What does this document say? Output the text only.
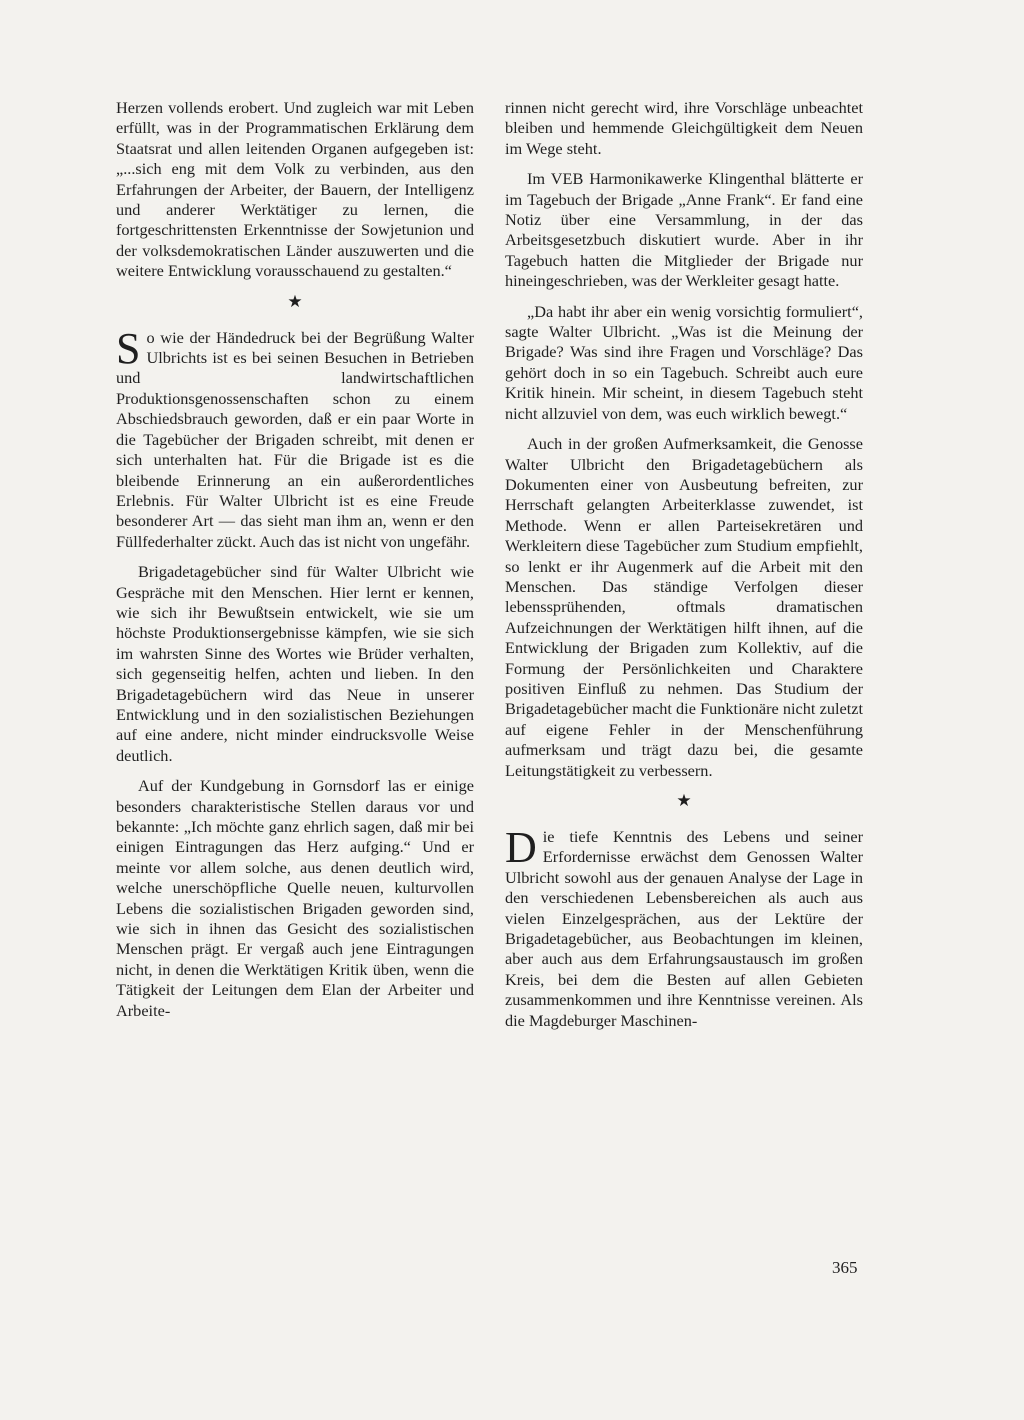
Herzen vollends erobert. Und zugleich war mit Leben erfüllt, was in der Programmatischen Erklärung dem Staatsrat und allen leitenden Organen aufgegeben ist: „...sich eng mit dem Volk zu verbinden, aus den Erfahrungen der Arbeiter, der Bauern, der Intelligenz und anderer Werktätiger zu lernen, die fortgeschrittensten Erkenntnisse der Sowjetunion und der volksdemokratischen Länder auszuwerten und die weitere Entwicklung vorausschauend zu gestalten.“

★

So wie der Händedruck bei der Begrüßung Walter Ulbrichts ist es bei seinen Besuchen in Betrieben und landwirtschaftlichen Produktionsgenossenschaften schon zu einem Abschiedsbrauch geworden, daß er ein paar Worte in die Tagebücher der Brigaden schreibt, mit denen er sich unterhalten hat. Für die Brigade ist es die bleibende Erinnerung an ein außerordentliches Erlebnis. Für Walter Ulbricht ist es eine Freude besonderer Art — das sieht man ihm an, wenn er den Füllfederhalter zückt. Auch das ist nicht von ungefähr.

Brigadetagebücher sind für Walter Ulbricht wie Gespräche mit den Menschen. Hier lernt er kennen, wie sich ihr Bewußtsein entwickelt, wie sie um höchste Produktionsergebnisse kämpfen, wie sie sich im wahrsten Sinne des Wortes wie Brüder verhalten, sich gegenseitig helfen, achten und lieben. In den Brigadetagebüchern wird das Neue in unserer Entwicklung und in den sozialistischen Beziehungen auf eine andere, nicht minder eindrucksvolle Weise deutlich.

Auf der Kundgebung in Gornsdorf las er einige besonders charakteristische Stellen daraus vor und bekannte: „Ich möchte ganz ehrlich sagen, daß mir bei einigen Eintragungen das Herz aufging.“ Und er meinte vor allem solche, aus denen deutlich wird, welche unerschöpfliche Quelle neuen, kulturvollen Lebens die sozialistischen Brigaden geworden sind, wie sich in ihnen das Gesicht des sozialistischen Menschen prägt. Er vergaß auch jene Eintragungen nicht, in denen die Werktätigen Kritik üben, wenn die Tätigkeit der Leitungen dem Elan der Arbeiter und Arbeite-

rinnen nicht gerecht wird, ihre Vorschläge unbeachtet bleiben und hemmende Gleichgültigkeit dem Neuen im Wege steht.

Im VEB Harmonikawerke Klingenthal blätterte er im Tagebuch der Brigade „Anne Frank“. Er fand eine Notiz über eine Versammlung, in der das Arbeitsgesetzbuch diskutiert wurde. Aber in ihr Tagebuch hatten die Mitglieder der Brigade nur hineingeschrieben, was der Werkleiter gesagt hatte.

„Da habt ihr aber ein wenig vorsichtig formuliert“, sagte Walter Ulbricht. „Was ist die Meinung der Brigade? Was sind ihre Fragen und Vorschläge? Das gehört doch in so ein Tagebuch. Schreibt auch eure Kritik hinein. Mir scheint, in diesem Tagebuch steht nicht allzuviel von dem, was euch wirklich bewegt.“

Auch in der großen Aufmerksamkeit, die Genosse Walter Ulbricht den Brigadetagebüchern als Dokumenten einer von Ausbeutung befreiten, zur Herrschaft gelangten Arbeiterklasse zuwendet, ist Methode. Wenn er allen Parteisekretären und Werkleitern diese Tagebücher zum Studium empfiehlt, so lenkt er ihr Augenmerk auf die Arbeit mit den Menschen. Das ständige Verfolgen dieser lebenssprühenden, oftmals dramatischen Aufzeichnungen der Werktätigen hilft ihnen, auf die Entwicklung der Brigaden zum Kollektiv, auf die Formung der Persönlichkeiten und Charaktere positiven Einfluß zu nehmen. Das Studium der Brigadetagebücher macht die Funktionäre nicht zuletzt auf eigene Fehler in der Menschenführung aufmerksam und trägt dazu bei, die gesamte Leitungstätigkeit zu verbessern.

★

Die tiefe Kenntnis des Lebens und seiner Erfordernisse erwächst dem Genossen Walter Ulbricht sowohl aus der genauen Analyse der Lage in den verschiedenen Lebensbereichen als auch aus vielen Einzelgesprächen, aus der Lektüre der Brigadetagebücher, aus Beobachtungen im kleinen, aber auch aus dem Erfahrungsaustausch im großen Kreis, bei dem die Besten auf allen Gebieten zusammenkommen und ihre Kenntnisse vereinen. Als die Magdeburger Maschinen-

365
